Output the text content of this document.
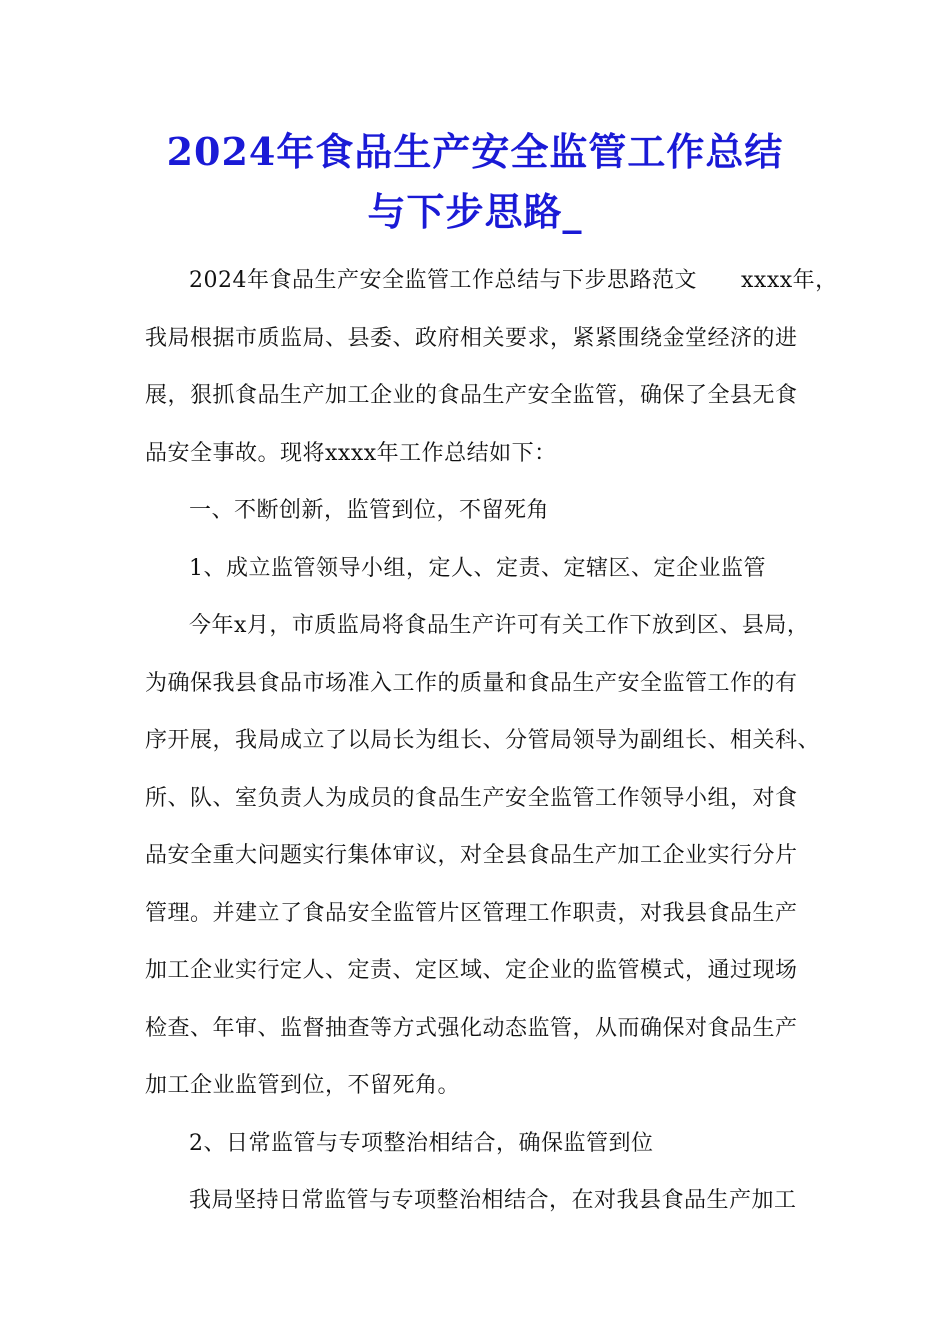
2024年食品生产安全监管工作总结
与下步思路_
2024年食品生产安全监管工作总结与下步思路范文 xxxx年，
我局根据市质监局、县委、政府相关要求，紧紧围绕金堂经济的进
展，狠抓食品生产加工企业的食品生产安全监管，确保了全县无食
品安全事故。现将xxxx年工作总结如下：
一、不断创新，监管到位，不留死角
1、成立监管领导小组，定人、定责、定辖区、定企业监管
今年x月，市质监局将食品生产许可有关工作下放到区、县局，
为确保我县食品市场准入工作的质量和食品生产安全监管工作的有
序开展，我局成立了以局长为组长、分管局领导为副组长、相关科、
所、队、室负责人为成员的食品生产安全监管工作领导小组，对食
品安全重大问题实行集体审议，对全县食品生产加工企业实行分片
管理。并建立了食品安全监管片区管理工作职责，对我县食品生产
加工企业实行定人、定责、定区域、定企业的监管模式，通过现场
检查、年审、监督抽查等方式强化动态监管，从而确保对食品生产
加工企业监管到位，不留死角。
2、日常监管与专项整治相结合，确保监管到位
我局坚持日常监管与专项整治相结合，在对我县食品生产加工
